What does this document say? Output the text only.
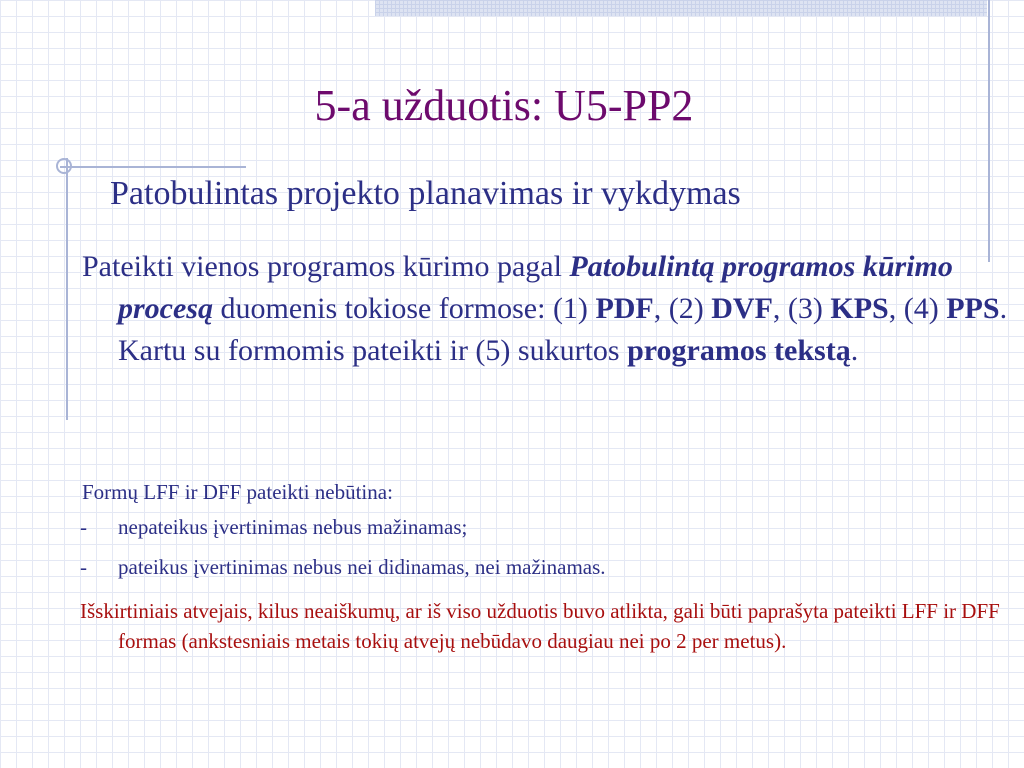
5-a užduotis: U5-PP2
Patobulintas projekto planavimas ir vykdymas

Pateikti vienos programos kūrimo pagal Patobulintą programos kūrimo procesą duomenis tokiose formose: (1) PDF, (2) DVF, (3) KPS, (4) PPS. Kartu su formomis pateikti ir (5) sukurtos programos tekstą.

Formų LFF ir DFF pateikti nebūtina:

- nepateikus įvertinimas nebus mažinamas;
- pateikus įvertinimas nebus nei didinamas, nei mažinamas.

Išskirtiniais atvejais, kilus neaiškumų, ar iš viso užduotis buvo atlikta, gali būti paprašyta pateikti LFF ir DFF formas (ankstesniais metais tokių atvejų nebūdavo daugiau nei po 2 per metus).
